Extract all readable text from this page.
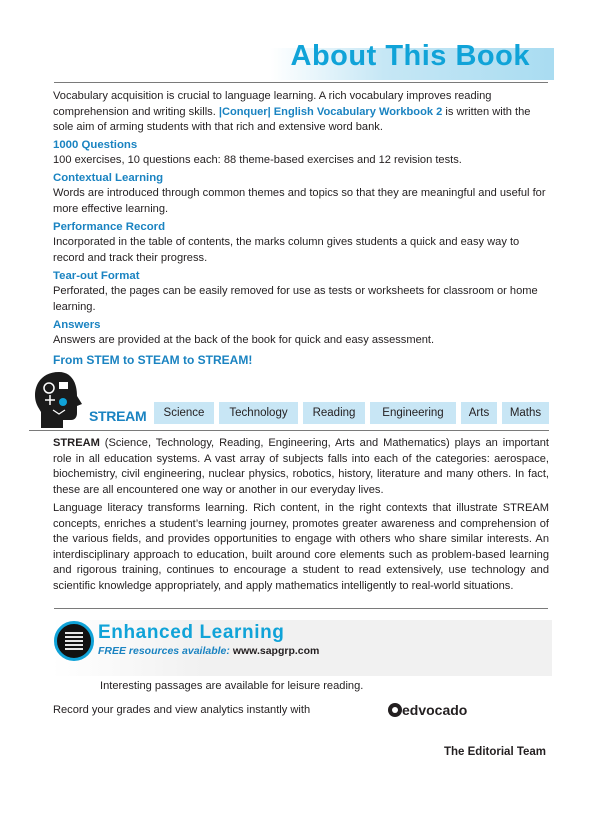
About This Book

Vocabulary acquisition is crucial to language learning. A rich vocabulary improves reading comprehension and writing skills. |Conquer| English Vocabulary Workbook 2 is written with the sole aim of arming students with that rich and extensive word bank.

1000 Questions

100 exercises, 10 questions each: 88 theme-based exercises and 12 revision tests.

Contextual Learning

Words are introduced through common themes and topics so that they are meaningful and useful for more effective learning.

Performance Record

Incorporated in the table of contents, the marks column gives students a quick and easy way to record and track their progress.

Tear-out Format

Perforated, the pages can be easily removed for use as tests or worksheets for classroom or home learning.

Answers

Answers are provided at the back of the book for quick and easy assessment.

From STEM to STEAM to STREAM!

STREAM	Science	Technology	Reading	Engineering	Arts	Maths

STREAM (Science, Technology, Reading, Engineering, Arts and Mathematics) plays an important role in all education systems. A vast array of subjects falls into each of the categories: aerospace, biochemistry, civil engineering, nuclear physics, robotics, history, literature and many others. In fact, these are all encountered one way or another in our everyday lives.

Language literacy transforms learning. Rich content, in the right contexts that illustrate STREAM concepts, enriches a student’s learning journey, promotes greater awareness and comprehension of the various fields, and provides opportunities to engage with others who share similar interests. An interdisciplinary approach to education, built around core elements such as problem-based learning and rigorous training, continues to encourage a student to read extensively, use technology and scientific knowledge appropriately, and apply mathematics intelligently to real-world situations.

Enhanced Learning
FREE resources available: www.sapgrp.com

Interesting passages are available for leisure reading.

Record your grades and view analytics instantly with	edvocado
The Editorial Team
